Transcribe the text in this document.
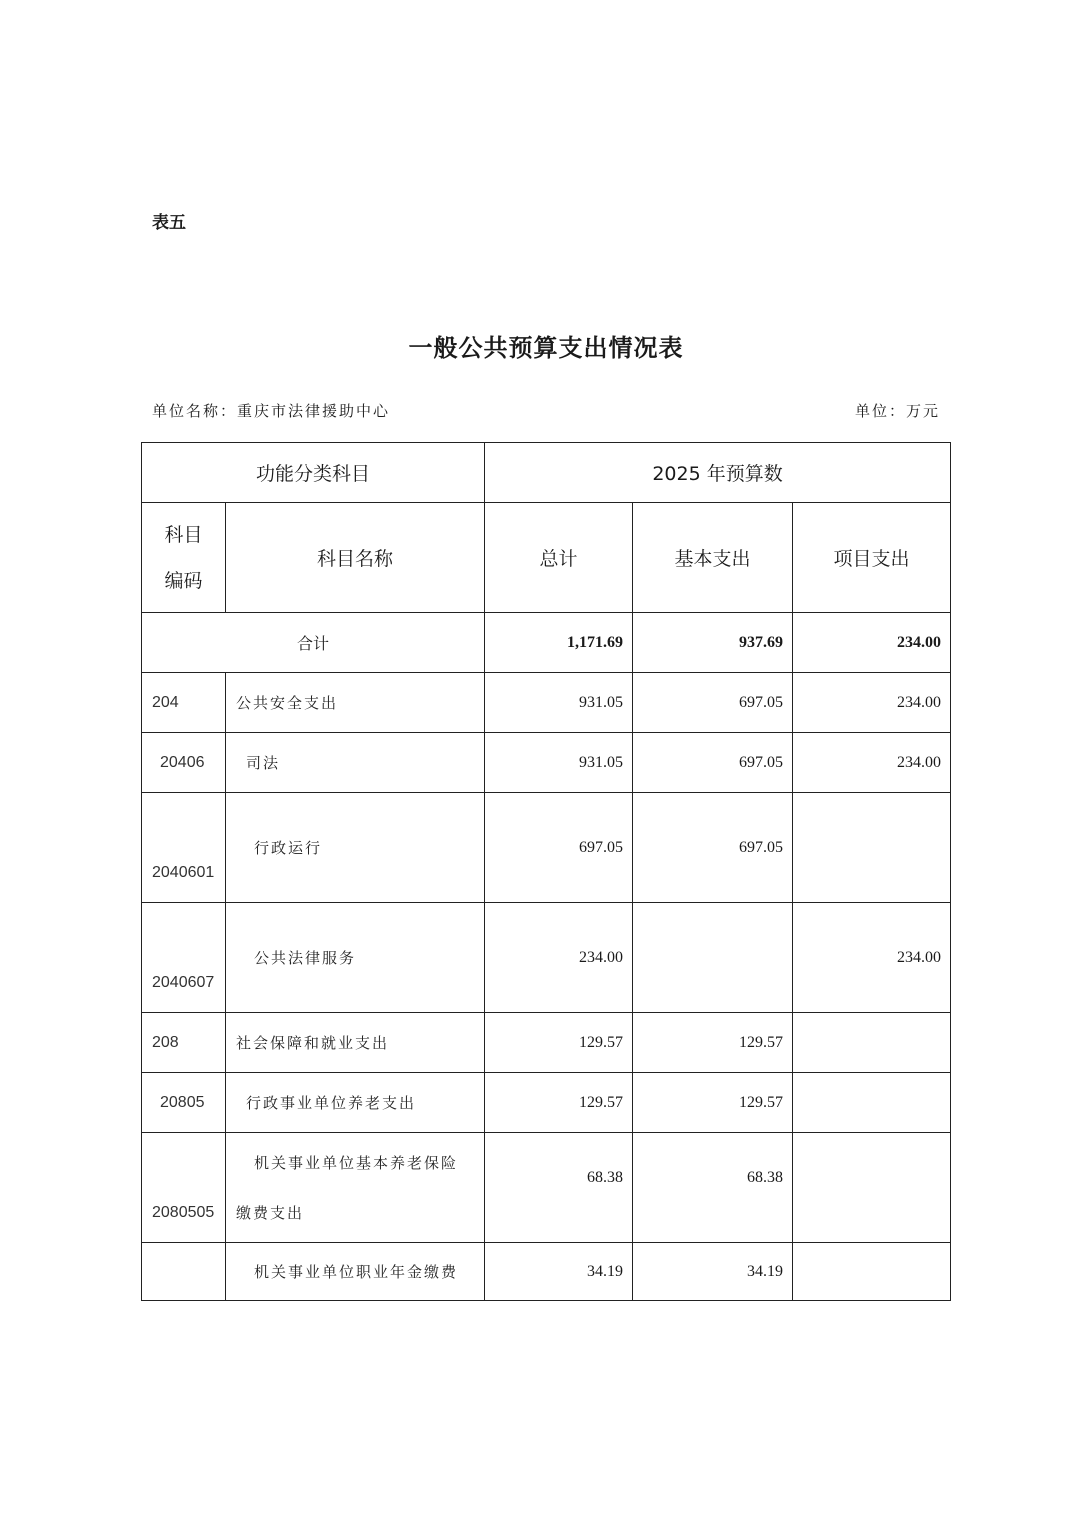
表五
一般公共预算支出情况表
单位名称：重庆市法律援助中心	单位：万元
功能分类科目		2025 年预算数		

科目
编码	科目名称	总计	基本支出	项目支出
合计		1,171.69	937.69	234.00
204	公共安全支出	931.05	697.05	234.00
20406	司法	931.05	697.05	234.00
2040601	行政运行	697.05	697.05	
2040607	公共法律服务	234.00		234.00
208	社会保障和就业支出	129.57	129.57	
20805	行政事业单位养老支出	129.57	129.57	
2080505	机关事业单位基本养老保险
缴费支出	68.38	68.38	
	机关事业单位职业年金缴费	34.19	34.19	
